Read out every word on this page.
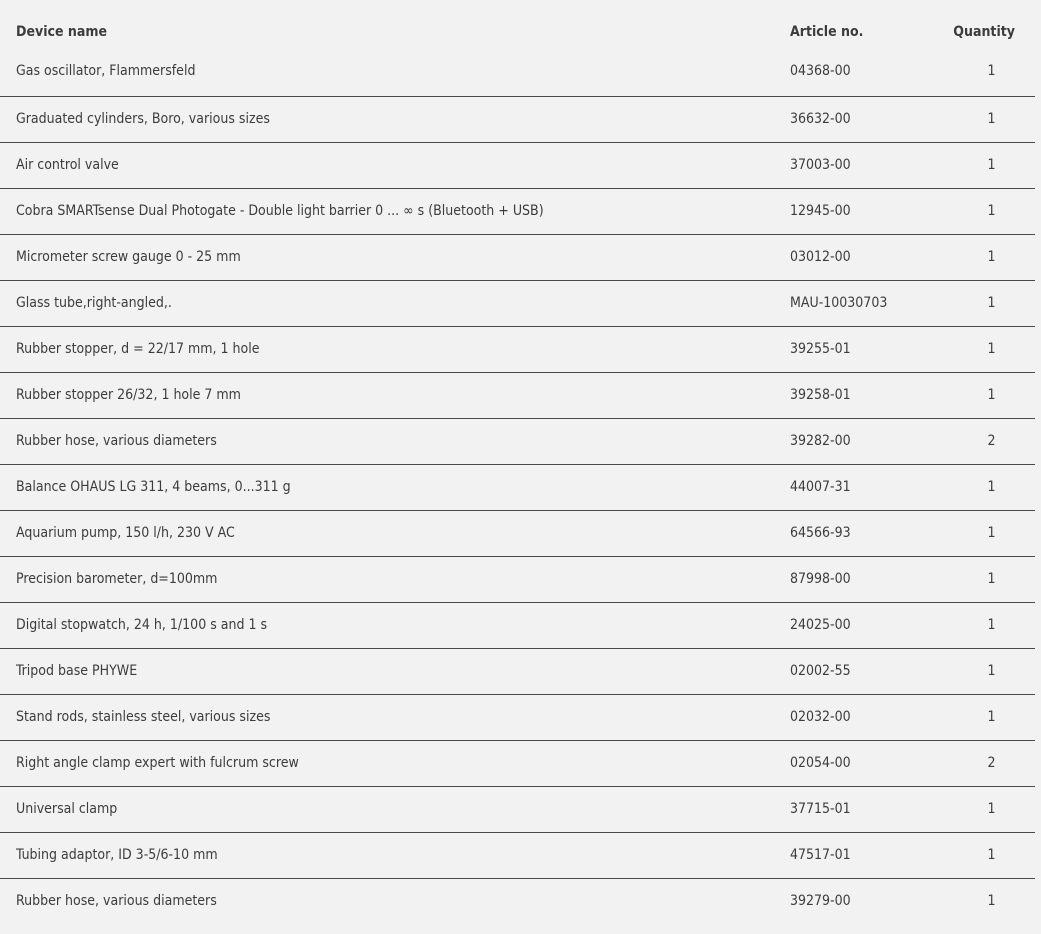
Device name	Article no.	Quantity
Gas oscillator, Flammersfeld	04368-00	1
Graduated cylinders, Boro, various sizes	36632-00	1
Air control valve	37003-00	1
Cobra SMARTsense Dual Photogate - Double light barrier 0 ... ∞ s (Bluetooth + USB)	12945-00	1
Micrometer screw gauge 0 - 25 mm	03012-00	1
Glass tube,right-angled,.	MAU-10030703	1
Rubber stopper, d = 22/17 mm, 1 hole	39255-01	1
Rubber stopper 26/32, 1 hole 7 mm	39258-01	1
Rubber hose, various diameters	39282-00	2
Balance OHAUS LG 311, 4 beams, 0...311 g	44007-31	1
Aquarium pump, 150 l/h, 230 V AC	64566-93	1
Precision barometer, d=100mm	87998-00	1
Digital stopwatch, 24 h, 1/100 s and 1 s	24025-00	1
Tripod base PHYWE	02002-55	1
Stand rods, stainless steel, various sizes	02032-00	1
Right angle clamp expert with fulcrum screw	02054-00	2
Universal clamp	37715-01	1
Tubing adaptor, ID 3-5/6-10 mm	47517-01	1
Rubber hose, various diameters	39279-00	1
